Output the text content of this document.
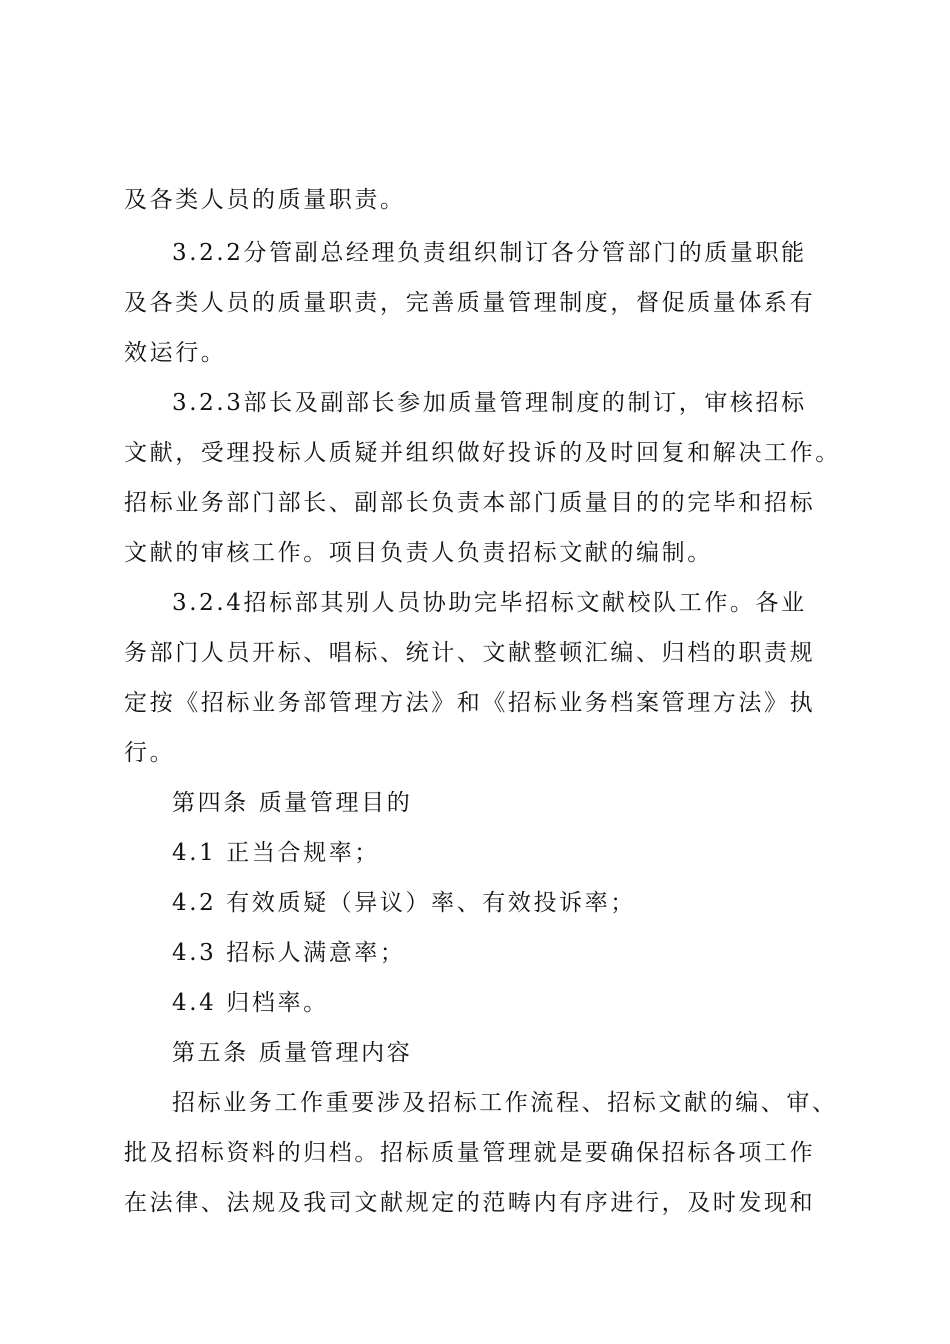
及各类人员的质量职责。
3.2.2分管副总经理负责组织制订各分管部门的质量职能
及各类人员的质量职责，完善质量管理制度，督促质量体系有
效运行。
3.2.3部长及副部长参加质量管理制度的制订，审核招标
文献，受理投标人质疑并组织做好投诉的及时回复和解决工作。
招标业务部门部长、副部长负责本部门质量目的的完毕和招标
文献的审核工作。项目负责人负责招标文献的编制。
3.2.4招标部其别人员协助完毕招标文献校队工作。各业
务部门人员开标、唱标、统计、文献整顿汇编、归档的职责规
定按《招标业务部管理方法》和《招标业务档案管理方法》执
行。
第四条 质量管理目的
4.1 正当合规率；
4.2 有效质疑（异议）率、有效投诉率；
4.3 招标人满意率；
4.4 归档率。
第五条 质量管理内容
招标业务工作重要涉及招标工作流程、招标文献的编、审、
批及招标资料的归档。招标质量管理就是要确保招标各项工作
在法律、法规及我司文献规定的范畴内有序进行，及时发现和
